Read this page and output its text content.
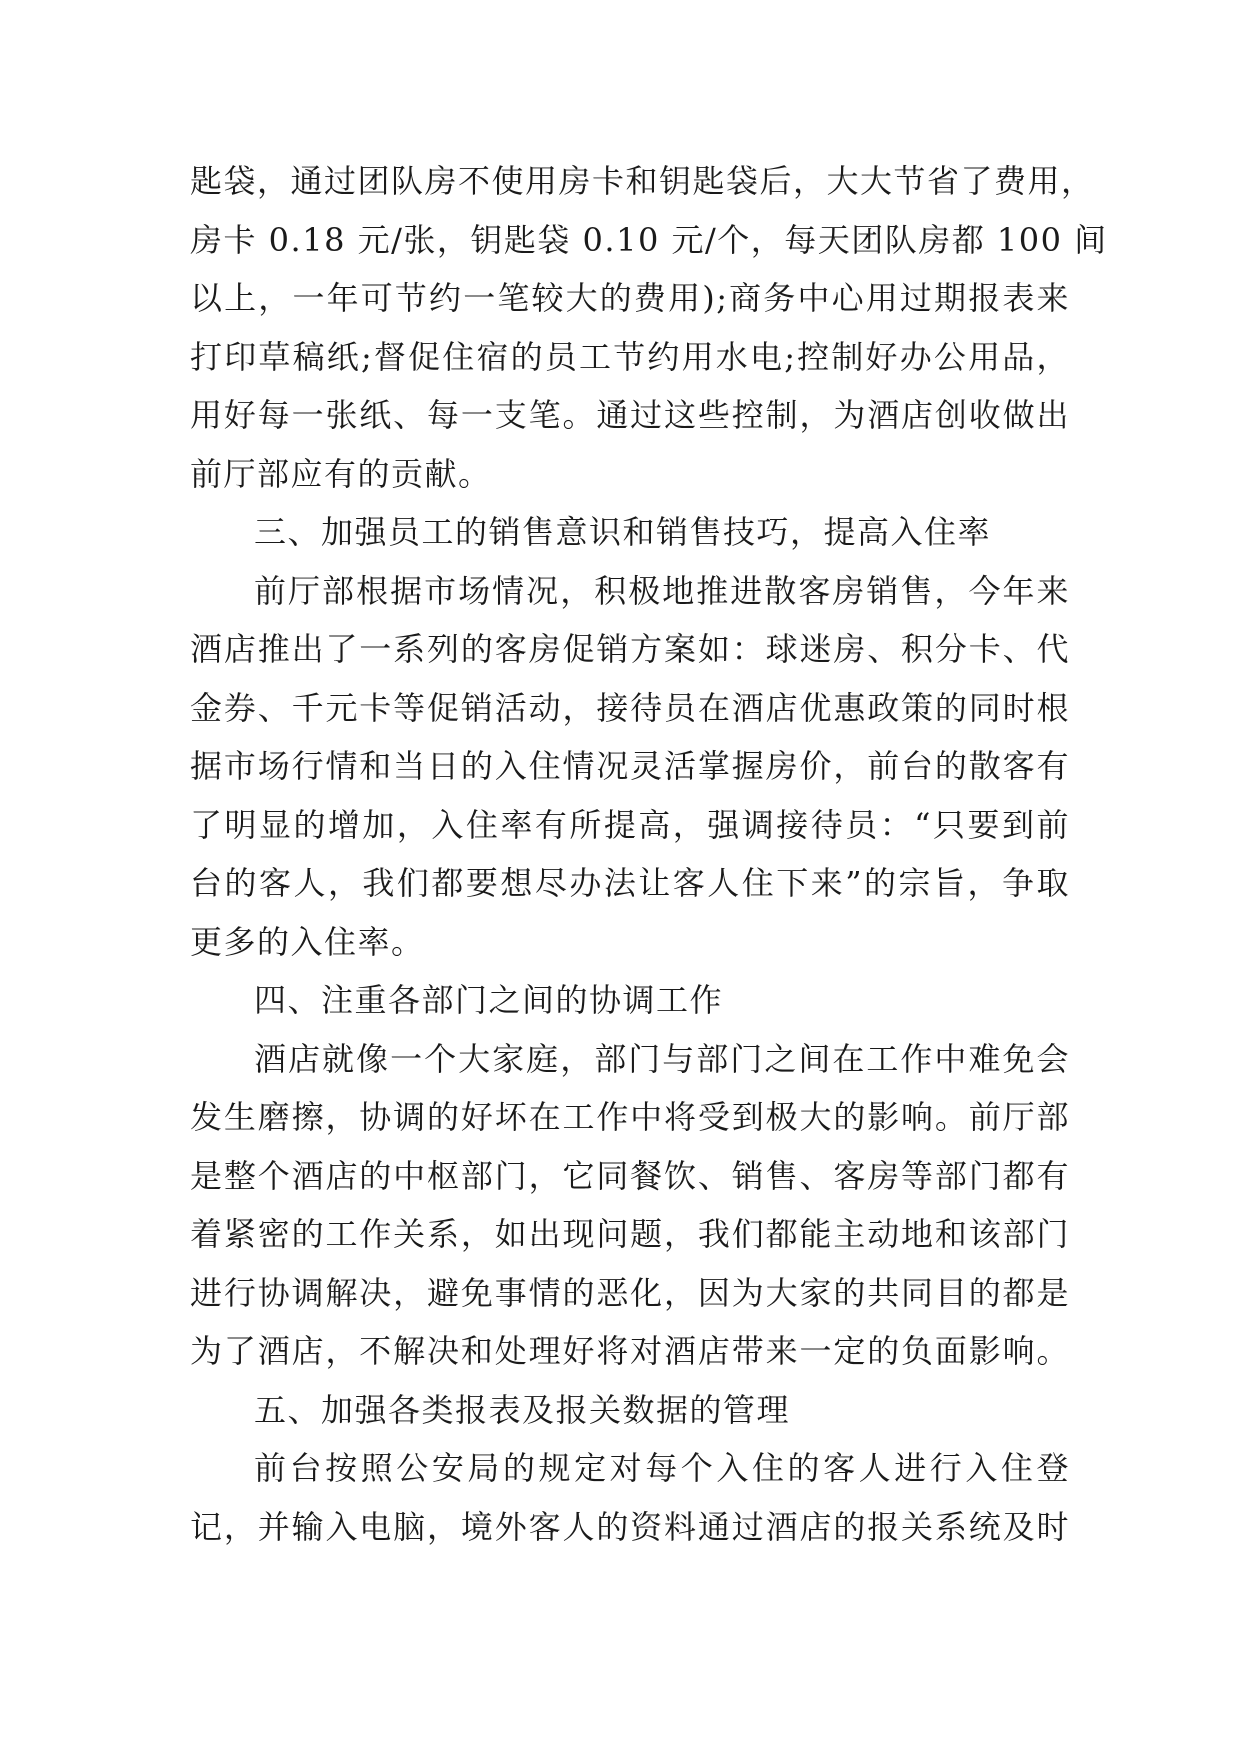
匙袋，通过团队房不使用房卡和钥匙袋后，大大节省了费用，
房卡 0.18 元/张，钥匙袋 0.10 元/个，每天团队房都 100 间
以上，一年可节约一笔较大的费用);商务中心用过期报表来
打印草稿纸;督促住宿的员工节约用水电;控制好办公用品，
用好每一张纸、每一支笔。通过这些控制，为酒店创收做出
前厅部应有的贡献。
三、加强员工的销售意识和销售技巧，提高入住率
前厅部根据市场情况，积极地推进散客房销售，今年来
酒店推出了一系列的客房促销方案如：球迷房、积分卡、代
金券、千元卡等促销活动，接待员在酒店优惠政策的同时根
据市场行情和当日的入住情况灵活掌握房价，前台的散客有
了明显的增加，入住率有所提高，强调接待员：“只要到前
台的客人，我们都要想尽办法让客人住下来”的宗旨，争取
更多的入住率。
四、注重各部门之间的协调工作
酒店就像一个大家庭，部门与部门之间在工作中难免会
发生磨擦，协调的好坏在工作中将受到极大的影响。前厅部
是整个酒店的中枢部门，它同餐饮、销售、客房等部门都有
着紧密的工作关系，如出现问题，我们都能主动地和该部门
进行协调解决，避免事情的恶化，因为大家的共同目的都是
为了酒店，不解决和处理好将对酒店带来一定的负面影响。
五、加强各类报表及报关数据的管理
前台按照公安局的规定对每个入住的客人进行入住登
记，并输入电脑，境外客人的资料通过酒店的报关系统及时
